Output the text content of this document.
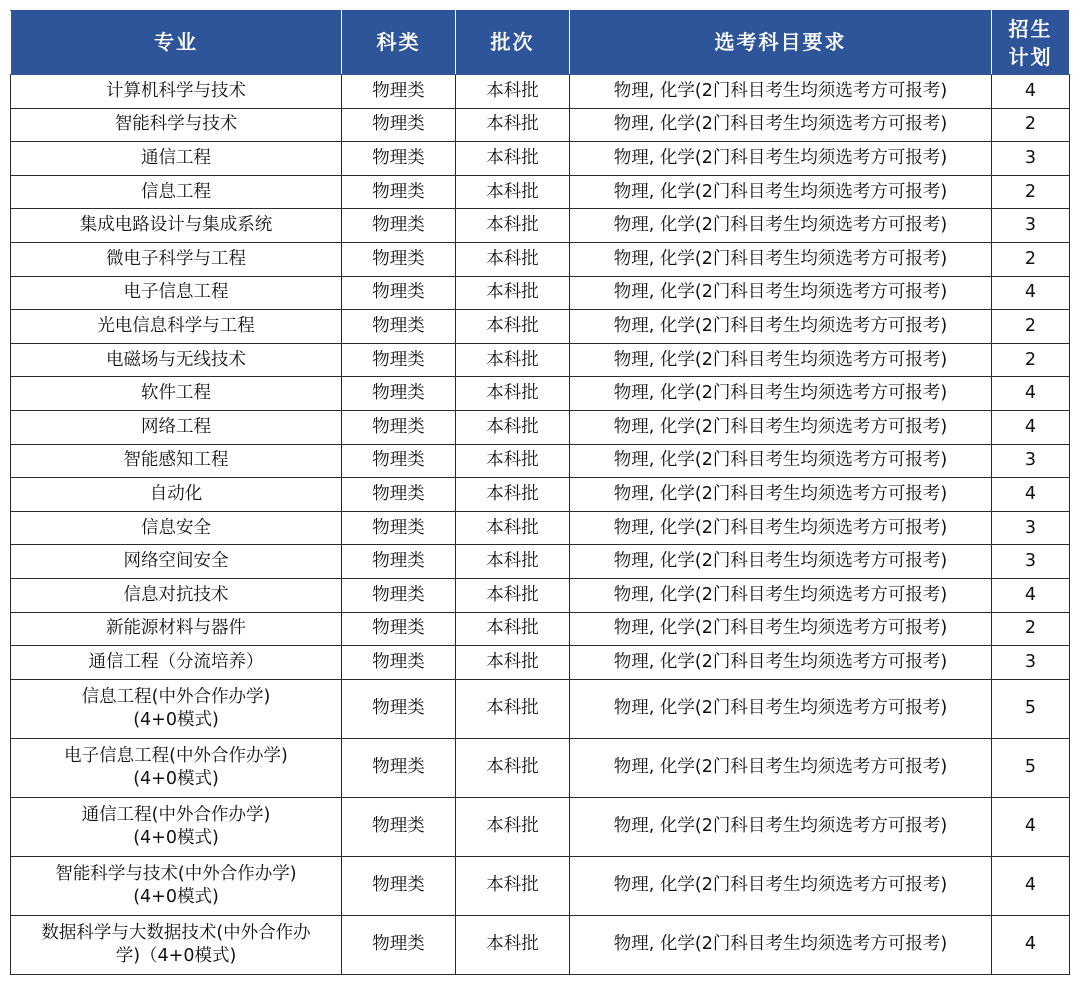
专业	科类	批次	选考科目要求	招生
计划

计算机科学与技术	物理类	本科批	物理, 化学(2门科目考生均须选考方可报考)	4
智能科学与技术	物理类	本科批	物理, 化学(2门科目考生均须选考方可报考)	2
通信工程	物理类	本科批	物理, 化学(2门科目考生均须选考方可报考)	3
信息工程	物理类	本科批	物理, 化学(2门科目考生均须选考方可报考)	2
集成电路设计与集成系统	物理类	本科批	物理, 化学(2门科目考生均须选考方可报考)	3
微电子科学与工程	物理类	本科批	物理, 化学(2门科目考生均须选考方可报考)	2
电子信息工程	物理类	本科批	物理, 化学(2门科目考生均须选考方可报考)	4
光电信息科学与工程	物理类	本科批	物理, 化学(2门科目考生均须选考方可报考)	2
电磁场与无线技术	物理类	本科批	物理, 化学(2门科目考生均须选考方可报考)	2
软件工程	物理类	本科批	物理, 化学(2门科目考生均须选考方可报考)	4
网络工程	物理类	本科批	物理, 化学(2门科目考生均须选考方可报考)	4
智能感知工程	物理类	本科批	物理, 化学(2门科目考生均须选考方可报考)	3
自动化	物理类	本科批	物理, 化学(2门科目考生均须选考方可报考)	4
信息安全	物理类	本科批	物理, 化学(2门科目考生均须选考方可报考)	3
网络空间安全	物理类	本科批	物理, 化学(2门科目考生均须选考方可报考)	3
信息对抗技术	物理类	本科批	物理, 化学(2门科目考生均须选考方可报考)	4
新能源材料与器件	物理类	本科批	物理, 化学(2门科目考生均须选考方可报考)	2
通信工程（分流培养）	物理类	本科批	物理, 化学(2门科目考生均须选考方可报考)	3

信息工程(中外合作办学)
(4+0模式)	物理类	本科批	物理, 化学(2门科目考生均须选考方可报考)	5

电子信息工程(中外合作办学)
(4+0模式)	物理类	本科批	物理, 化学(2门科目考生均须选考方可报考)	5

通信工程(中外合作办学)
(4+0模式)	物理类	本科批	物理, 化学(2门科目考生均须选考方可报考)	4

智能科学与技术(中外合作办学)
(4+0模式)	物理类	本科批	物理, 化学(2门科目考生均须选考方可报考)	4

数据科学与大数据技术(中外合作办
学)（4+0模式)	物理类	本科批	物理, 化学(2门科目考生均须选考方可报考)	4
